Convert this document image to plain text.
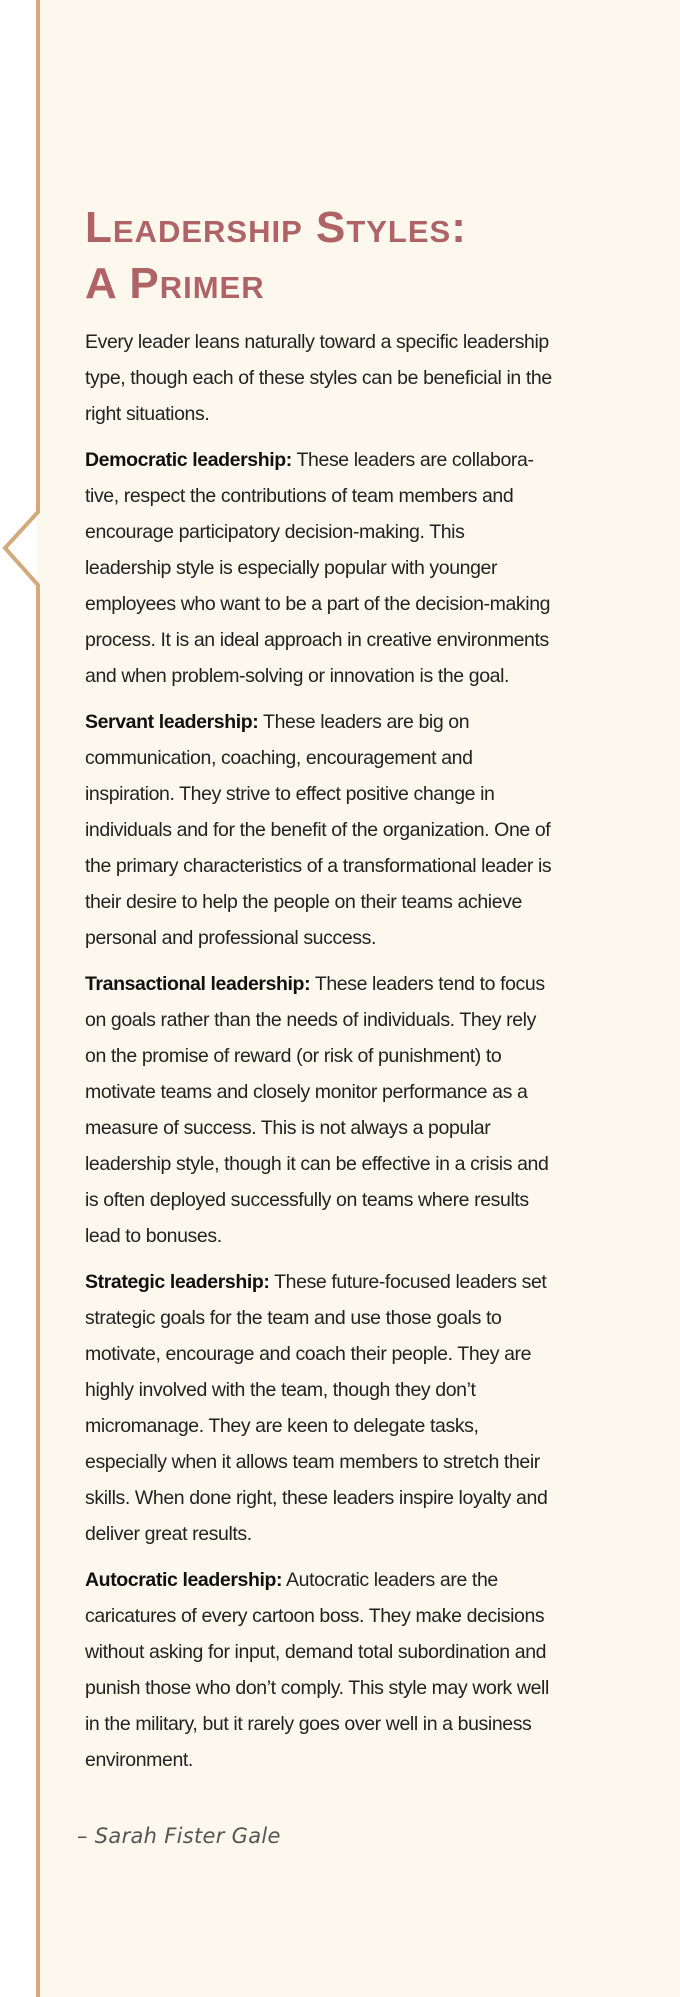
Leadership Styles:
A Primer

Every leader leans naturally toward a specific leadership type, though each of these styles can be beneficial in the right situations.

Democratic leadership: These leaders are collaborative, respect the contributions of team members and encourage participatory decision-making. This leadership style is especially popular with younger employees who want to be a part of the decision-making process. It is an ideal approach in creative environments and when problem-solving or innovation is the goal.

Servant leadership: These leaders are big on communication, coaching, encouragement and inspiration. They strive to effect positive change in individuals and for the benefit of the organization. One of the primary characteristics of a transformational leader is their desire to help the people on their teams achieve personal and professional success.

Transactional leadership: These leaders tend to focus on goals rather than the needs of individuals. They rely on the promise of reward (or risk of punishment) to motivate teams and closely monitor performance as a measure of success. This is not always a popular leadership style, though it can be effective in a crisis and is often deployed successfully on teams where results lead to bonuses.

Strategic leadership: These future-focused leaders set strategic goals for the team and use those goals to motivate, encourage and coach their people. They are highly involved with the team, though they don’t micromanage. They are keen to delegate tasks, especially when it allows team members to stretch their skills. When done right, these leaders inspire loyalty and deliver great results.

Autocratic leadership: Autocratic leaders are the caricatures of every cartoon boss. They make decisions without asking for input, demand total subordination and punish those who don’t comply. This style may work well in the military, but it rarely goes over well in a business environment.

– Sarah Fister Gale
